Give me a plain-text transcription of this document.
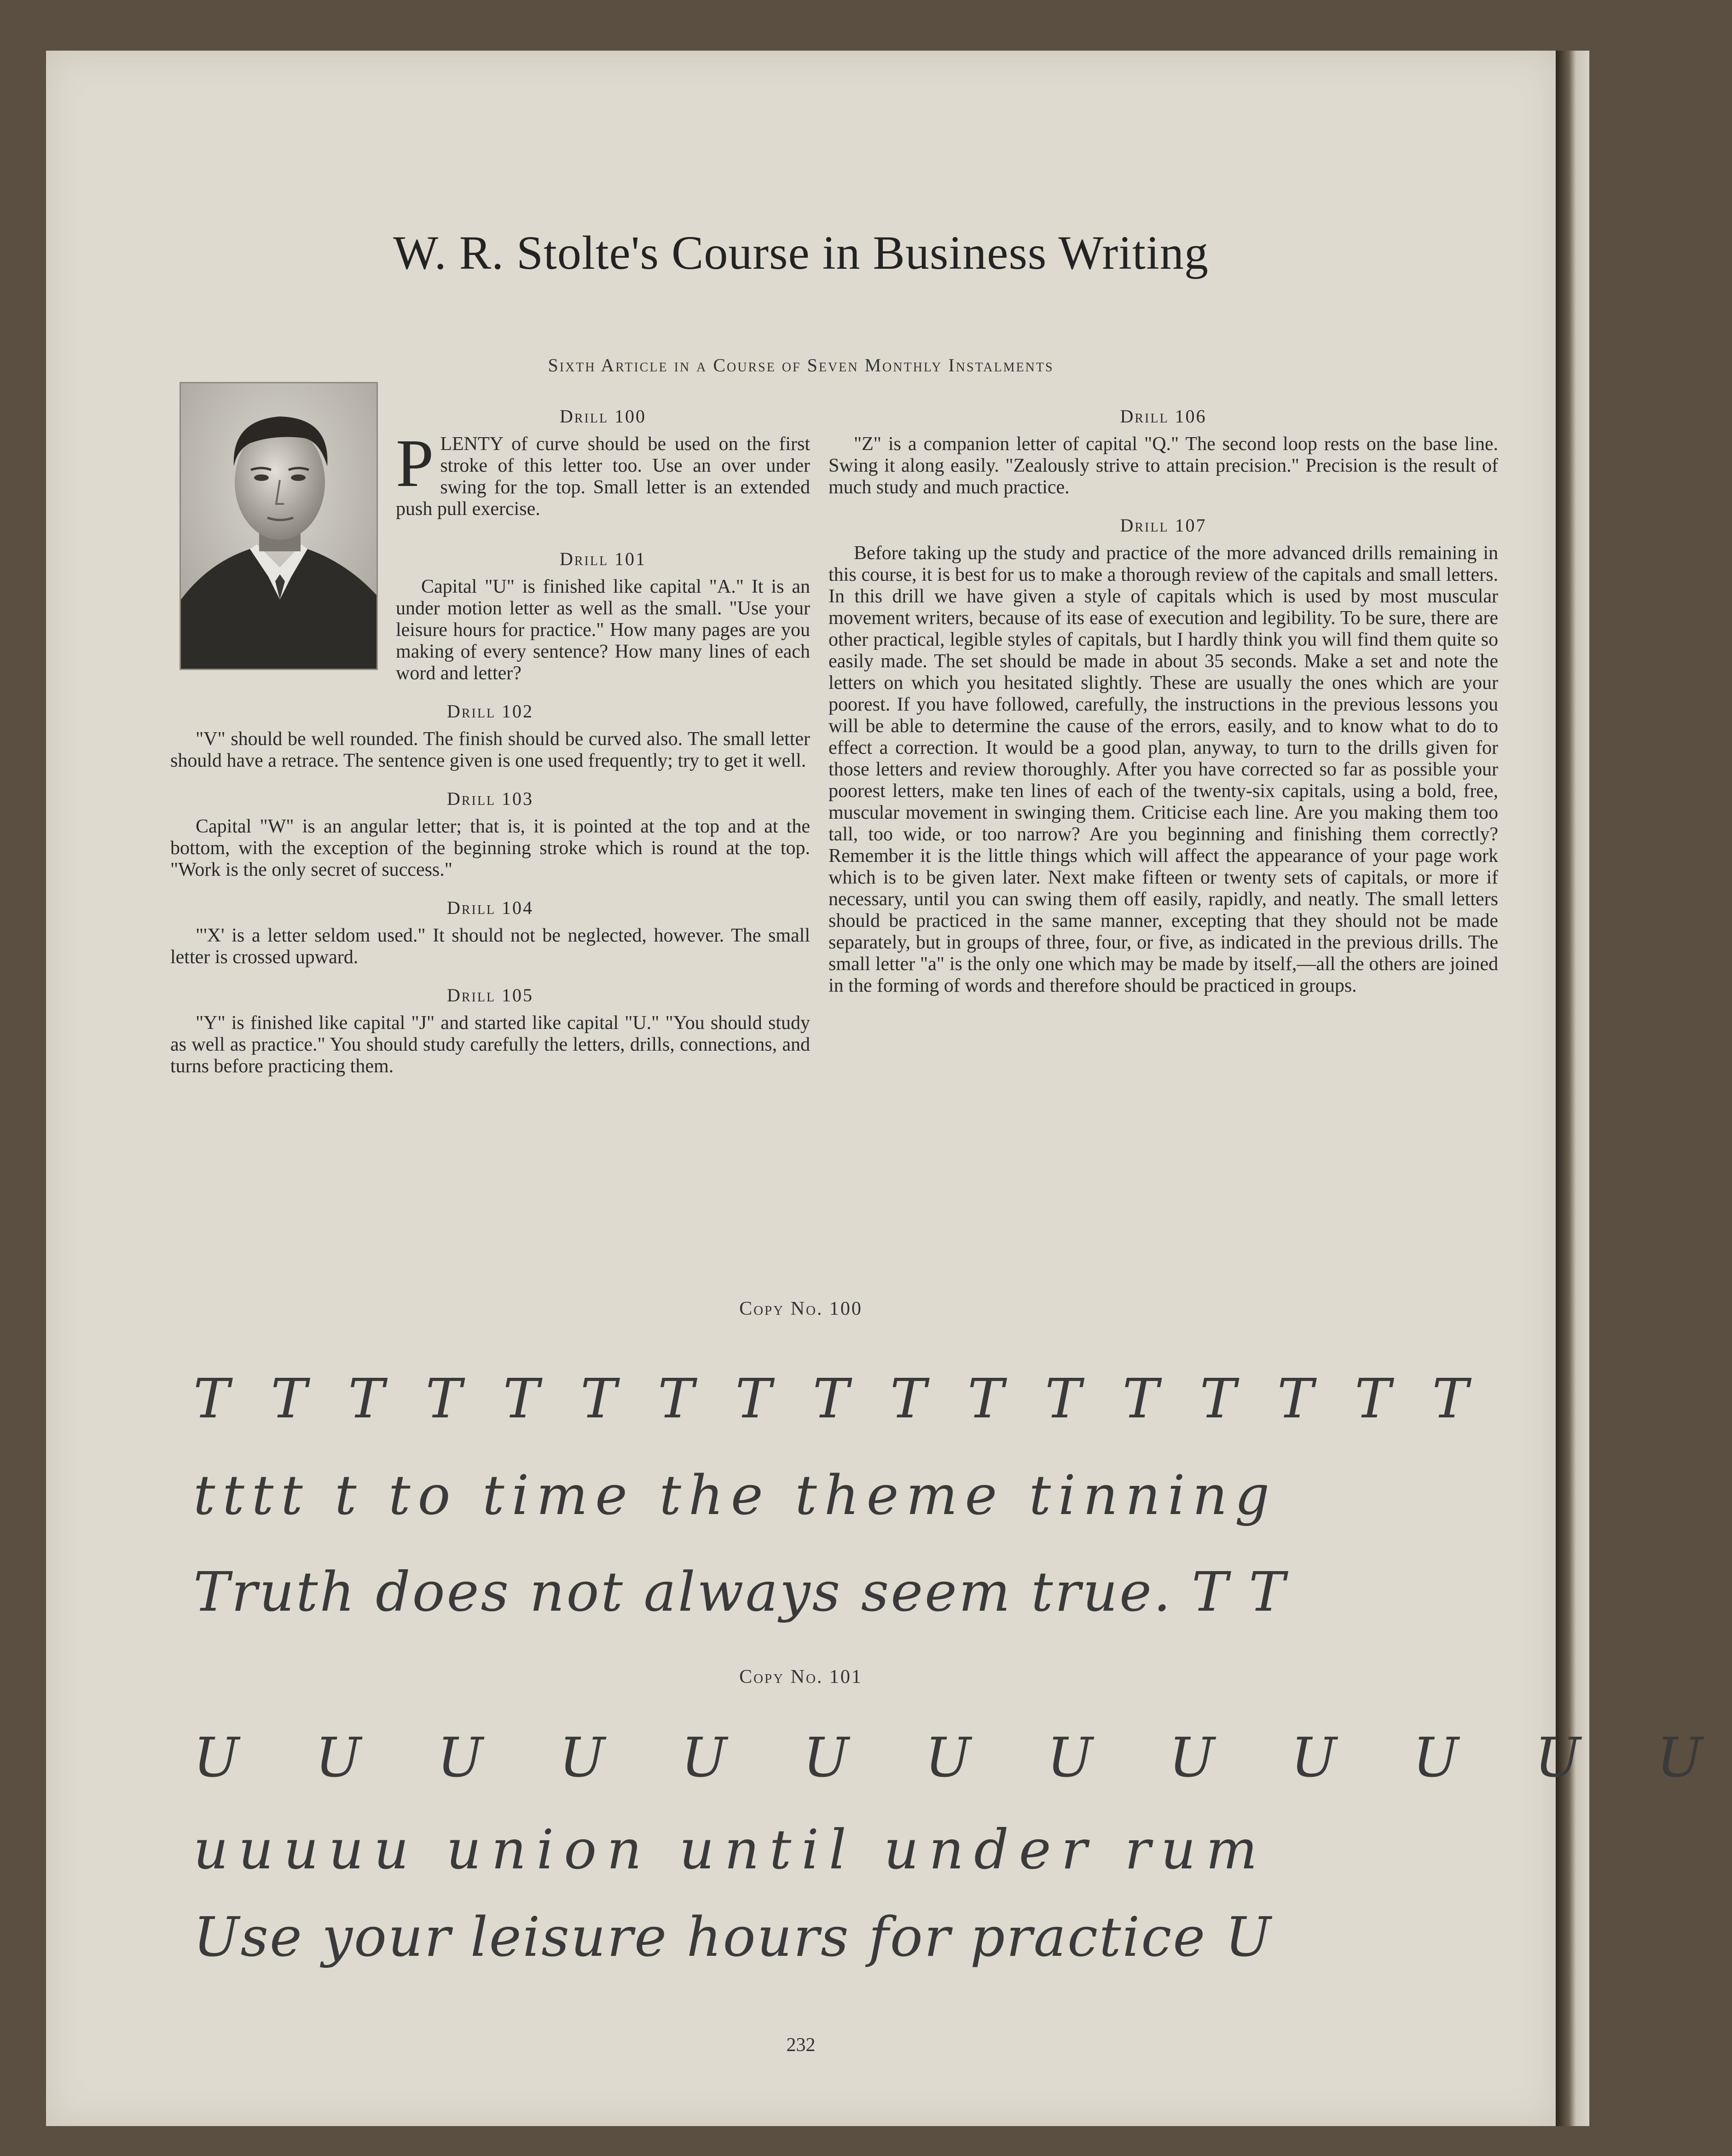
W. R. Stolte's Course in Business Writing
Sixth Article in a Course of Seven Monthly Instalments
Drill 100
P LENTY of curve should be used on the first stroke of this letter too. Use an over under swing for the top. Small letter is an extended push pull exercise.

Drill 101

Capital "U" is finished like capital "A." It is an under motion letter as well as the small. "Use your leisure hours for practice." How many pages are you making of every sentence? How many lines of each word and letter?

Drill 102

"V" should be well rounded. The finish should be curved also. The small letter should have a retrace. The sentence given is one used frequently; try to get it well.

Drill 103

Capital "W" is an angular letter; that is, it is pointed at the top and at the bottom, with the exception of the beginning stroke which is round at the top. "Work is the only secret of success."

Drill 104

"'X' is a letter seldom used." It should not be neglected, however. The small letter is crossed upward.

Drill 105

"Y" is finished like capital "J" and started like capital "U." "You should study as well as practice." You should study carefully the letters, drills, connections, and turns before practicing them.

Drill 106

"Z" is a companion letter of capital "Q." The second loop rests on the base line. Swing it along easily. "Zealously strive to attain precision." Precision is the result of much study and much practice.

Drill 107

Before taking up the study and practice of the more advanced drills remaining in this course, it is best for us to make a thorough review of the capitals and small letters. In this drill we have given a style of capitals which is used by most muscular movement writers, because of its ease of execution and legibility. To be sure, there are other practical, legible styles of capitals, but I hardly think you will find them quite so easily made. The set should be made in about 35 seconds. Make a set and note the letters on which you hesitated slightly. These are usually the ones which are your poorest. If you have followed, carefully, the instructions in the previous lessons you will be able to determine the cause of the errors, easily, and to know what to do to effect a correction. It would be a good plan, anyway, to turn to the drills given for those letters and review thoroughly. After you have corrected so far as possible your poorest letters, make ten lines of each of the twenty-six capitals, using a bold, free, muscular movement in swinging them. Criticise each line. Are you making them too tall, too wide, or too narrow? Are you beginning and finishing them correctly? Remember it is the little things which will affect the appearance of your page work which is to be given later. Next make fifteen or twenty sets of capitals, or more if necessary, until you can swing them off easily, rapidly, and neatly. The small letters should be practiced in the same manner, excepting that they should not be made separately, but in groups of three, four, or five, as indicated in the previous drills. The small letter "a" is the only one which may be made by itself,—all the others are joined in the forming of words and therefore should be practiced in groups.

Copy No. 100
T T T T T T T T T T T T T T T T T
tttt t to time the theme tinning
Truth does not always seem true. T T
Copy No. 101
U U U U U U U U U U U U U
uuuuu union until under rum
Use your leisure hours for practice U
232
